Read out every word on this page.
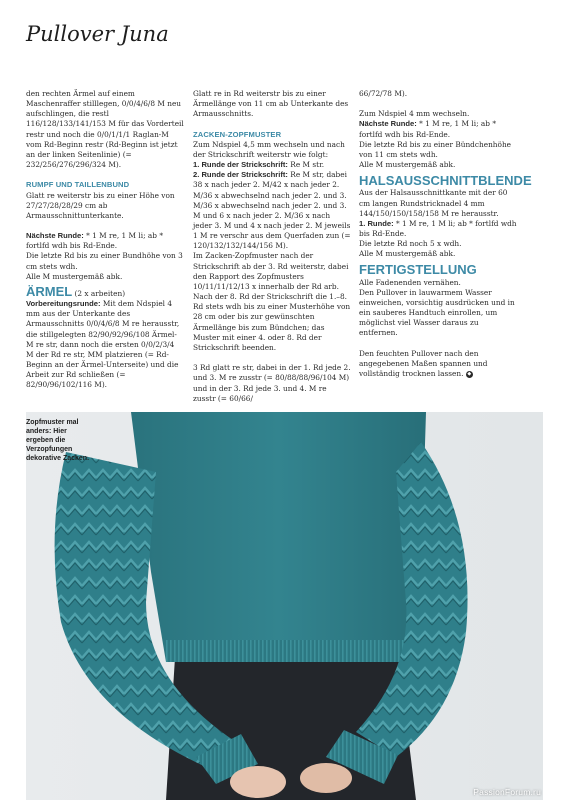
Pullover Juna

den rechten Ärmel auf einem Maschenraffer stilllegen, 0/0/4/6/8 M neu aufschlingen, die restl 116/128/133/141/153 M für das Vorderteil restr und noch die 0/0/1/1/1 Raglan-M vom Rd-Beginn restr (Rd-Beginn ist jetzt an der linken Seitenlinie) (= 232/256/276/296/324 M).

RUMPF UND TAILLENBUND

Glatt re weiterstr bis zu einer Höhe von 27/27/28/28/29 cm ab Armausschnittunterkante.

Nächste Runde: * 1 M re, 1 M li; ab * fortlfd wdh bis Rd-Ende.

Die letzte Rd bis zu einer Bundhöhe von 3 cm stets wdh.

Alle M mustergemäß abk.

ÄRMEL (2 x arbeiten)

Vorbereitungsrunde: Mit dem Ndspiel 4 mm aus der Unterkante des Armausschnitts 0/0/4/6/8 M re herausstr, die stillgelegten 82/90/92/96/108 Ärmel-M re str, dann noch die ersten 0/0/2/3/4 M der Rd re str, MM platzieren (= Rd-Beginn an der Ärmel-Unterseite) und die Arbeit zur Rd schließen (= 82/90/96/102/116 M).

Glatt re in Rd weiterstr bis zu einer Ärmellänge von 11 cm ab Unterkante des Armausschnitts.

ZACKEN-ZOPFMUSTER

Zum Ndspiel 4,5 mm wechseln und nach der Strickschrift weiterstr wie folgt:

1. Runde der Strickschrift: Re M str.

2. Runde der Strickschrift: Re M str, dabei 38 x nach jeder 2. M/42 x nach jeder 2. M/36 x abwechselnd nach jeder 2. und 3. M/36 x abwechselnd nach jeder 2. und 3. M und 6 x nach jeder 2. M/36 x nach jeder 3. M und 4 x nach jeder 2. M jeweils 1 M re verschr aus dem Querfaden zun (= 120/132/132/144/156 M).

Im Zacken-Zopfmuster nach der Strickschrift ab der 3. Rd weiterstr, dabei den Rapport des Zopfmusters 10/11/11/12/13 x innerhalb der Rd arb.

Nach der 8. Rd der Strickschrift die 1.–8. Rd stets wdh bis zu einer Musterhöhe von 28 cm oder bis zur gewünschten Ärmellänge bis zum Bündchen; das Muster mit einer 4. oder 8. Rd der Strickschrift beenden.

3 Rd glatt re str, dabei in der 1. Rd jede 2. und 3. M re zusstr (= 80/88/88/96/104 M) und in der 3. Rd jede 3. und 4. M re zusstr (= 60/66/

66/72/78 M).

Zum Ndspiel 4 mm wechseln.

Nächste Runde: * 1 M re, 1 M li; ab * fortlfd wdh bis Rd-Ende.

Die letzte Rd bis zu einer Bündchenhöhe von 11 cm stets wdh.

Alle M mustergemäß abk.

HALSAUSSCHNITTBLENDE

Aus der Halsausschnittkante mit der 60 cm langen Rundstricknadel 4 mm 144/150/150/158/158 M re herausstr.

1. Runde: * 1 M re, 1 M li; ab * fortlfd wdh bis Rd-Ende.

Die letzte Rd noch 5 x wdh.

Alle M mustergemäß abk.

FERTIGSTELLUNG

Alle Fadenenden vernähen.

Den Pullover in lauwarmem Wasser einweichen, vorsichtig ausdrücken und in ein sauberes Handtuch einrollen, um möglichst viel Wasser daraus zu entfernen.

Den feuchten Pullover nach den angegebenen Maßen spannen und vollständig trocknen lassen. ◆

PassionForum.ru
Zopfmuster mal anders: Hier ergeben die Verzopfungen dekorative Zacken.
